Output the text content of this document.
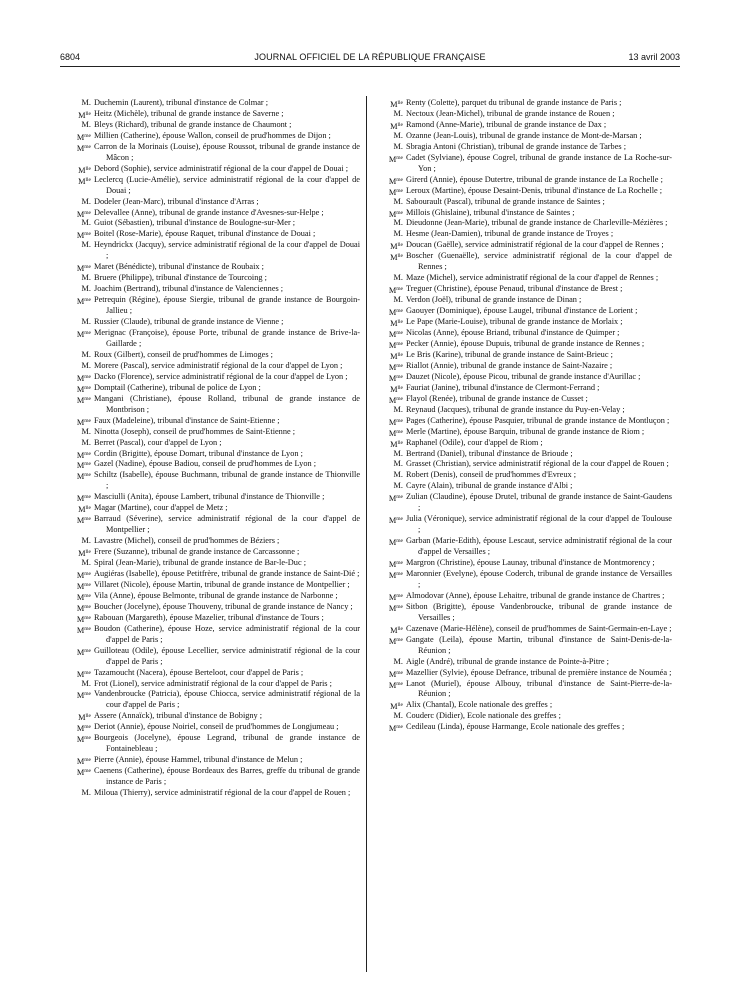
6804	JOURNAL OFFICIEL DE LA RÉPUBLIQUE FRANÇAISE	13 avril 2003
M. Duchemin (Laurent), tribunal d'instance de Colmar ;
$M^{lle}$ Heitz (Michèle), tribunal de grande instance de Saverne ;
M. Bleys (Richard), tribunal de grande instance de Chaumont ;
$M^{me}$ Millien (Catherine), épouse Wallon, conseil de prud'hommes de Dijon ;
$M^{me}$ Carron de la Morinais (Louise), épouse Roussot, tribunal de grande instance de Mâcon ;
$M^{lle}$ Debord (Sophie), service administratif régional de la cour d'appel de Douai ;
$M^{lle}$ Leclercq (Lucie-Amélie), service administratif régional de la cour d'appel de Douai ;
M. Dodeler (Jean-Marc), tribunal d'instance d'Arras ;
$M^{me}$ Delevallee (Anne), tribunal de grande instance d'Avesnes-sur-Helpe ;
M. Guiot (Sébastien), tribunal d'instance de Boulogne-sur-Mer ;
$M^{me}$ Boitel (Rose-Marie), épouse Raquet, tribunal d'instance de Douai ;
M. Heyndrickx (Jacquy), service administratif régional de la cour d'appel de Douai ;
$M^{me}$ Maret (Bénédicte), tribunal d'instance de Roubaix ;
M. Bruere (Philippe), tribunal d'instance de Tourcoing ;
M. Joachim (Bertrand), tribunal d'instance de Valenciennes ;
$M^{me}$ Petrequin (Régine), épouse Siergie, tribunal de grande instance de Bourgoin-Jallieu ;
M. Russier (Claude), tribunal de grande instance de Vienne ;
$M^{me}$ Merignac (Françoise), épouse Porte, tribunal de grande instance de Brive-la-Gaillarde ;
M. Roux (Gilbert), conseil de prud'hommes de Limoges ;
M. Morere (Pascal), service administratif régional de la cour d'appel de Lyon ;
$M^{me}$ Dacko (Florence), service administratif régional de la cour d'appel de Lyon ;
$M^{me}$ Domptail (Catherine), tribunal de police de Lyon ;
$M^{me}$ Mangani (Christiane), épouse Rolland, tribunal de grande instance de Montbrison ;
$M^{me}$ Faux (Madeleine), tribunal d'instance de Saint-Etienne ;
M. Ninotta (Joseph), conseil de prud'hommes de Saint-Etienne ;
M. Berret (Pascal), cour d'appel de Lyon ;
$M^{me}$ Cordin (Brigitte), épouse Domart, tribunal d'instance de Lyon ;
$M^{me}$ Gazel (Nadine), épouse Badiou, conseil de prud'hommes de Lyon ;
$M^{me}$ Schiltz (Isabelle), épouse Buchmann, tribunal de grande instance de Thionville ;
$M^{me}$ Masciulli (Anita), épouse Lambert, tribunal d'instance de Thionville ;
$M^{lle}$ Magar (Martine), cour d'appel de Metz ;
$M^{me}$ Barraud (Séverine), service administratif régional de la cour d'appel de Montpellier ;
M. Lavastre (Michel), conseil de prud'hommes de Béziers ;
$M^{lle}$ Frere (Suzanne), tribunal de grande instance de Carcassonne ;
M. Spiral (Jean-Marie), tribunal de grande instance de Bar-le-Duc ;
$M^{me}$ Augiéras (Isabelle), épouse Petitfrère, tribunal de grande instance de Saint-Dié ;
$M^{me}$ Villaret (Nicole), épouse Martin, tribunal de grande instance de Montpellier ;
$M^{me}$ Vila (Anne), épouse Belmonte, tribunal de grande instance de Narbonne ;
$M^{me}$ Boucher (Jocelyne), épouse Thouveny, tribunal de grande instance de Nancy ;
$M^{me}$ Rabouan (Margareth), épouse Mazelier, tribunal d'instance de Tours ;
$M^{me}$ Boudon (Catherine), épouse Hoze, service administratif régional de la cour d'appel de Paris ;
$M^{me}$ Guilloteau (Odile), épouse Lecellier, service administratif régional de la cour d'appel de Paris ;
$M^{me}$ Tazamoucht (Nacera), épouse Berteloot, cour d'appel de Paris ;
M. Frot (Lionel), service administratif régional de la cour d'appel de Paris ;
$M^{me}$ Vandenbroucke (Patricia), épouse Chiocca, service administratif régional de la cour d'appel de Paris ;
$M^{lle}$ Assere (Annaïck), tribunal d'instance de Bobigny ;
$M^{me}$ Deriot (Annie), épouse Noiriel, conseil de prud'hommes de Longjumeau ;
$M^{me}$ Bourgeois (Jocelyne), épouse Legrand, tribunal de grande instance de Fontainebleau ;
$M^{me}$ Pierre (Annie), épouse Hammel, tribunal d'instance de Melun ;
$M^{me}$ Caenens (Catherine), épouse Bordeaux des Barres, greffe du tribunal de grande instance de Paris ;
M. Miloua (Thierry), service administratif régional de la cour d'appel de Rouen ;
$M^{lle}$ Renty (Colette), parquet du tribunal de grande instance de Paris ;
M. Nectoux (Jean-Michel), tribunal de grande instance de Rouen ;
$M^{lle}$ Ramond (Anne-Marie), tribunal de grande instance de Dax ;
M. Ozanne (Jean-Louis), tribunal de grande instance de Mont-de-Marsan ;
M. Sbragia Antoni (Christian), tribunal de grande instance de Tarbes ;
$M^{me}$ Cadet (Sylviane), épouse Cogrel, tribunal de grande instance de La Roche-sur-Yon ;
$M^{me}$ Girerd (Annie), épouse Dutertre, tribunal de grande instance de La Rochelle ;
$M^{me}$ Leroux (Martine), épouse Desaint-Denis, tribunal d'instance de La Rochelle ;
M. Sabourault (Pascal), tribunal de grande instance de Saintes ;
$M^{me}$ Millois (Ghislaine), tribunal d'instance de Saintes ;
M. Dieudonne (Jean-Marie), tribunal de grande instance de Charleville-Mézières ;
M. Hesme (Jean-Damien), tribunal de grande instance de Troyes ;
$M^{lle}$ Doucan (Gaëlle), service administratif régional de la cour d'appel de Rennes ;
$M^{lle}$ Boscher (Guenaëlle), service administratif régional de la cour d'appel de Rennes ;
M. Maze (Michel), service administratif régional de la cour d'appel de Rennes ;
$M^{me}$ Treguer (Christine), épouse Penaud, tribunal d'instance de Brest ;
M. Verdon (Joël), tribunal de grande instance de Dinan ;
$M^{me}$ Gaouyer (Dominique), épouse Laugel, tribunal d'instance de Lorient ;
$M^{lle}$ Le Pape (Marie-Louise), tribunal de grande instance de Morlaix ;
$M^{me}$ Nicolas (Anne), épouse Briand, tribunal d'instance de Quimper ;
$M^{me}$ Pecker (Annie), épouse Dupuis, tribunal de grande instance de Rennes ;
$M^{lle}$ Le Bris (Karine), tribunal de grande instance de Saint-Brieuc ;
$M^{me}$ Riallot (Annie), tribunal de grande instance de Saint-Nazaire ;
$M^{me}$ Dauzet (Nicole), épouse Picou, tribunal de grande instance d'Aurillac ;
$M^{lle}$ Fauriat (Janine), tribunal d'instance de Clermont-Ferrand ;
$M^{me}$ Flayol (Renée), tribunal de grande instance de Cusset ;
M. Reynaud (Jacques), tribunal de grande instance du Puy-en-Velay ;
$M^{me}$ Pages (Catherine), épouse Pasquier, tribunal de grande instance de Montluçon ;
$M^{me}$ Merle (Martine), épouse Barquin, tribunal de grande instance de Riom ;
$M^{lle}$ Raphanel (Odile), cour d'appel de Riom ;
M. Bertrand (Daniel), tribunal d'instance de Brioude ;
M. Grasset (Christian), service administratif régional de la cour d'appel de Rouen ;
M. Robert (Denis), conseil de prud'hommes d'Evreux ;
M. Cayre (Alain), tribunal de grande instance d'Albi ;
$M^{me}$ Zulian (Claudine), épouse Drutel, tribunal de grande instance de Saint-Gaudens ;
$M^{me}$ Julia (Véronique), service administratif régional de la cour d'appel de Toulouse ;
$M^{me}$ Garban (Marie-Edith), épouse Lescaut, service administratif régional de la cour d'appel de Versailles ;
$M^{me}$ Margron (Christine), épouse Launay, tribunal d'instance de Montmorency ;
$M^{me}$ Maronnier (Evelyne), épouse Coderch, tribunal de grande instance de Versailles ;
$M^{me}$ Almodovar (Anne), épouse Lehaitre, tribunal de grande instance de Chartres ;
$M^{me}$ Sitbon (Brigitte), épouse Vandenbroucke, tribunal de grande instance de Versailles ;
$M^{lle}$ Cazenave (Marie-Hélène), conseil de prud'hommes de Saint-Germain-en-Laye ;
$M^{me}$ Gangate (Leila), épouse Martin, tribunal d'instance de Saint-Denis-de-la-Réunion ;
M. Aigle (André), tribunal de grande instance de Pointe-à-Pitre ;
$M^{me}$ Mazellier (Sylvie), épouse Defrance, tribunal de première instance de Nouméa ;
$M^{me}$ Lanot (Muriel), épouse Albouy, tribunal d'instance de Saint-Pierre-de-la-Réunion ;
$M^{lle}$ Alix (Chantal), Ecole nationale des greffes ;
M. Couderc (Didier), Ecole nationale des greffes ;
$M^{me}$ Cedileau (Linda), épouse Harmange, Ecole nationale des greffes ;
